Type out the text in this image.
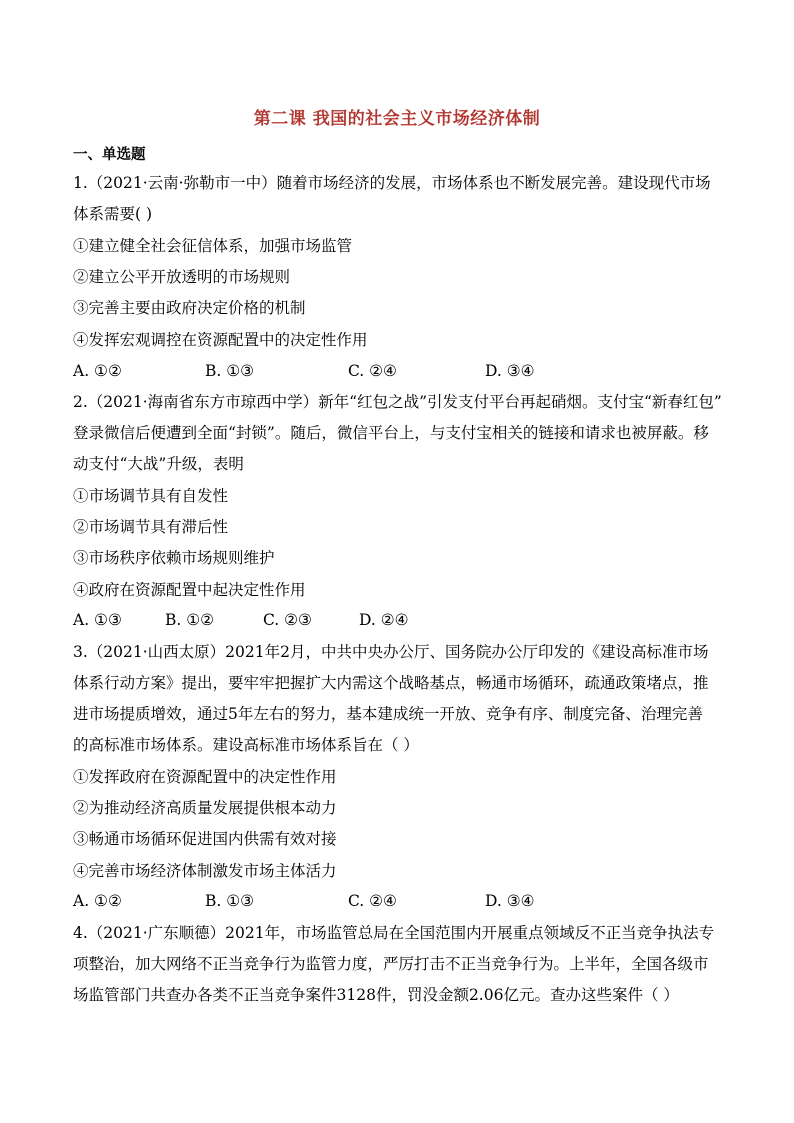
第二课 我国的社会主义市场经济体制
一、单选题
1.（2021·云南·弥勒市一中）随着市场经济的发展，市场体系也不断发展完善。建设现代市场
体系需要( )
①建立健全社会征信体系，加强市场监管
②建立公平开放透明的市场规则
③完善主要由政府决定价格的机制
④发挥宏观调控在资源配置中的决定性作用
A. ①②	B. ①③	C. ②④	D. ③④
2.（2021·海南省东方市琼西中学）新年“红包之战”引发支付平台再起硝烟。支付宝“新春红包”
登录微信后便遭到全面“封锁”。随后，微信平台上，与支付宝相关的链接和请求也被屏蔽。移
动支付“大战”升级，表明
①市场调节具有自发性
②市场调节具有滞后性
③市场秩序依赖市场规则维护
④政府在资源配置中起决定性作用
A. ①③	B. ①②	C. ②③	D. ②④
3.（2021·山西太原）2021年2月，中共中央办公厅、国务院办公厅印发的《建设高标准市场
体系行动方案》提出，要牢牢把握扩大内需这个战略基点，畅通市场循环，疏通政策堵点，推
进市场提质增效，通过5年左右的努力，基本建成统一开放、竞争有序、制度完备、治理完善
的高标准市场体系。建设高标准市场体系旨在（ ）
①发挥政府在资源配置中的决定性作用
②为推动经济高质量发展提供根本动力
③畅通市场循环促进国内供需有效对接
④完善市场经济体制激发市场主体活力
A. ①②	B. ①③	C. ②④	D. ③④
4.（2021·广东顺德）2021年，市场监管总局在全国范围内开展重点领域反不正当竞争执法专
项整治，加大网络不正当竞争行为监管力度，严厉打击不正当竞争行为。上半年，全国各级市
场监管部门共查办各类不正当竞争案件3128件，罚没金额2.06亿元。查办这些案件（ ）
